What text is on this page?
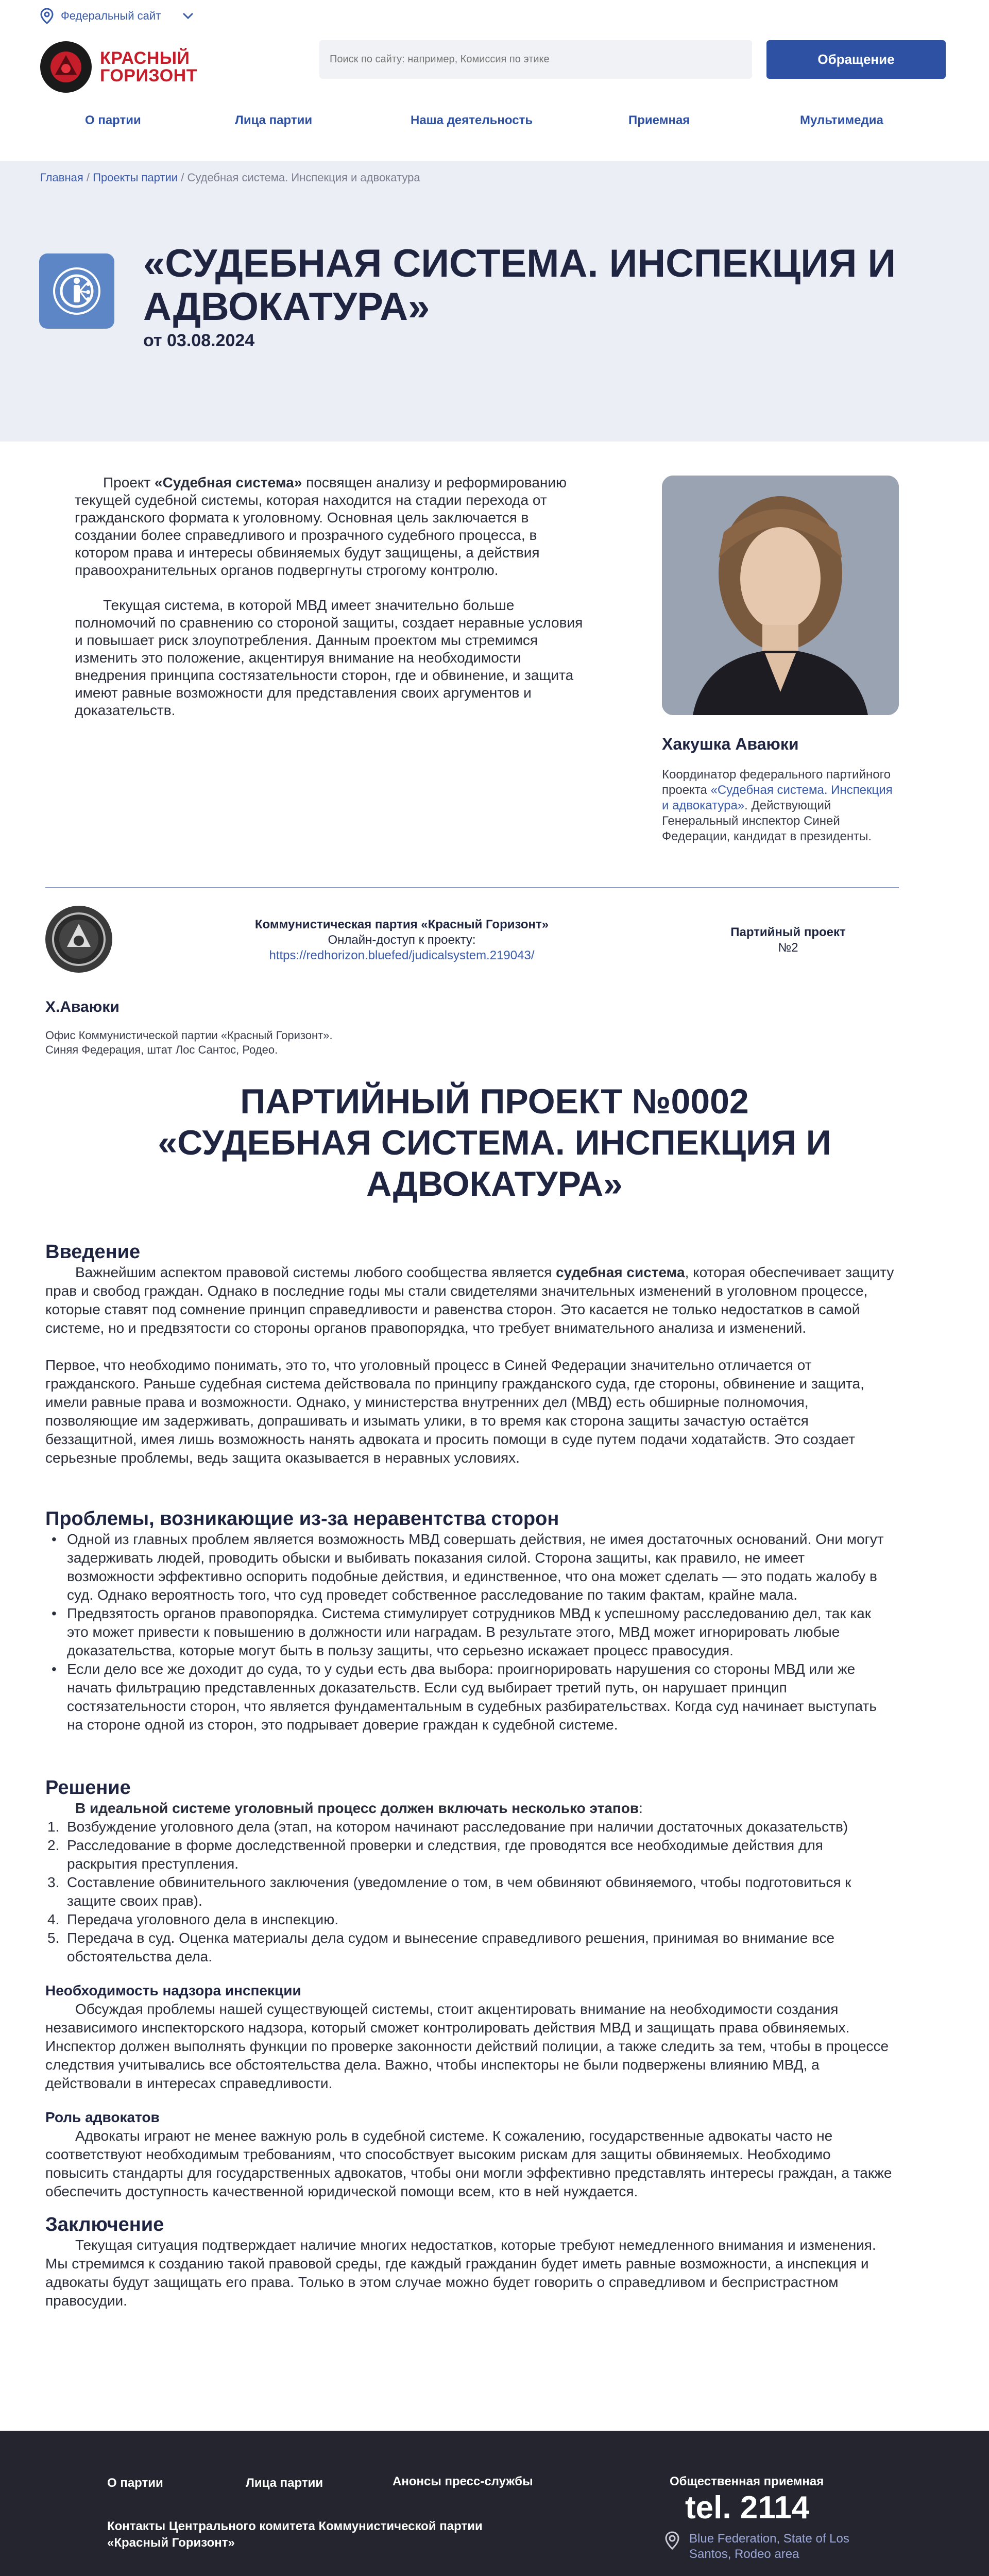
Федеральный сайт
КРАСНЫЙ
ГОРИЗОНТ
Поиск по сайту: например, Комиссия по этике
Обращение
О партии	Лица партии	Наша деятельность	Приемная	Мультимедиа
Главная / Проекты партии / Судебная система. Инспекция и адвокатура
«СУДЕБНАЯ СИСТЕМА. ИНСПЕКЦИЯ И АДВОКАТУРА»
от 03.08.2024

Проект «Судебная система» посвящен анализу и реформированию текущей судебной системы, которая находится на стадии перехода от гражданского формата к уголовному. Основная цель заключается в создании более справедливого и прозрачного судебного процесса, в котором права и интересы обвиняемых будут защищены, а действия правоохранительных органов подвергнуты строгому контролю.

Текущая система, в которой МВД имеет значительно больше полномочий по сравнению со стороной защиты, создает неравные условия и повышает риск злоупотребления. Данным проектом мы стремимся изменить это положение, акцентируя внимание на необходимости внедрения принципа состязательности сторон, где и обвинение, и защита имеют равные возможности для представления своих аргументов и доказательств.

Хакушка Аваюки
Координатор федерального партийного проекта «Судебная система. Инспекция и адвокатура». Действующий Генеральный инспектор Синей Федерации, кандидат в президенты.
Коммунистическая партия «Красный Горизонт»
Онлайн-доступ к проекту:
https://redhorizon.bluefed/judicalsystem.219043/
Партийный проект
№2
Х.Аваюки
Офис Коммунистической партии «Красный Горизонт».
Синяя Федерация, штат Лос Сантос, Родео.
ПАРТИЙНЫЙ ПРОЕКТ №0002
«СУДЕБНАЯ СИСТЕМА. ИНСПЕКЦИЯ И
АДВОКАТУРА»
Введение

Важнейшим аспектом правовой системы любого сообщества является судебная система, которая обеспечивает защиту прав и свобод граждан. Однако в последние годы мы стали свидетелями значительных изменений в уголовном процессе, которые ставят под сомнение принцип справедливости и равенства сторон. Это касается не только недостатков в самой системе, но и предвзятости со стороны органов правопорядка, что требует внимательного анализа и изменений.

Первое, что необходимо понимать, это то, что уголовный процесс в Синей Федерации значительно отличается от гражданского. Раньше судебная система действовала по принципу гражданского суда, где стороны, обвинение и защита, имели равные права и возможности. Однако, у министерства внутренних дел (МВД) есть обширные полномочия, позволяющие им задерживать, допрашивать и изымать улики, в то время как сторона защиты зачастую остаётся беззащитной, имея лишь возможность нанять адвоката и просить помощи в суде путем подачи ходатайств. Это создает серьезные проблемы, ведь защита оказывается в неравных условиях.

Проблемы, возникающие из-за неравентства сторон
• Одной из главных проблем является возможность МВД совершать действия, не имея достаточных оснований. Они могут задерживать людей, проводить обыски и выбивать показания силой. Сторона защиты, как правило, не имеет возможности эффективно оспорить подобные действия, и единственное, что она может сделать — это подать жалобу в суд. Однако вероятность того, что суд проведет собственное расследование по таким фактам, крайне мала.
• Предвзятость органов правопорядка. Система стимулирует сотрудников МВД к успешному расследованию дел, так как это может привести к повышению в должности или наградам. В результате этого, МВД может игнорировать любые доказательства, которые могут быть в пользу защиты, что серьезно искажает процесс правосудия.
• Если дело все же доходит до суда, то у судьи есть два выбора: проигнорировать нарушения со стороны МВД или же начать фильтрацию представленных доказательств. Если суд выбирает третий путь, он нарушает принцип состязательности сторон, что является фундаментальным в судебных разбирательствах. Когда суд начинает выступать на стороне одной из сторон, это подрывает доверие граждан к судебной системе.
Решение

В идеальной системе уголовный процесс должен включать несколько этапов:

1. Возбуждение уголовного дела (этап, на котором начинают расследование при наличии достаточных доказательств)
2. Расследование в форме доследственной проверки и следствия, где проводятся все необходимые действия для раскрытия преступления.
3. Составление обвинительного заключения (уведомление о том, в чем обвиняют обвиняемого, чтобы подготовиться к защите своих прав).
4. Передача уголовного дела в инспекцию.
5. Передача в суд. Оценка материалы дела судом и вынесение справедливого решения, принимая во внимание все обстоятельства дела.
Необходимость надзора инспекции

Обсуждая проблемы нашей существующей системы, стоит акцентировать внимание на необходимости создания независимого инспекторского надзора, который сможет контролировать действия МВД и защищать права обвиняемых. Инспектор должен выполнять функции по проверке законности действий полиции, а также следить за тем, чтобы в процессе следствия учитывались все обстоятельства дела. Важно, чтобы инспекторы не были подвержены влиянию МВД, а действовали в интересах справедливости.

Роль адвокатов

Адвокаты играют не менее важную роль в судебной системе. К сожалению, государственные адвокаты часто не соответствуют необходимым требованиям, что способствует высоким рискам для защиты обвиняемых. Необходимо повысить стандарты для государственных адвокатов, чтобы они могли эффективно представлять интересы граждан, а также обеспечить доступность качественной юридической помощи всем, кто в ней нуждается.

Заключение

Текущая ситуация подтверждает наличие многих недостатков, которые требуют немедленного внимания и изменения. Мы стремимся к созданию такой правовой среды, где каждый гражданин будет иметь равные возможности, а инспекция и адвокаты будут защищать его права. Только в этом случае можно будет говорить о справедливом и беспристрастном правосудии.

О партии	Лица партии	Анонсы пресс-службы
Контакты Центрального комитета Коммунистической партии «Красный Горизонт»
Общественная приемная
tel. 2114
Blue Federation, State of Los Santos, Rodeo area
